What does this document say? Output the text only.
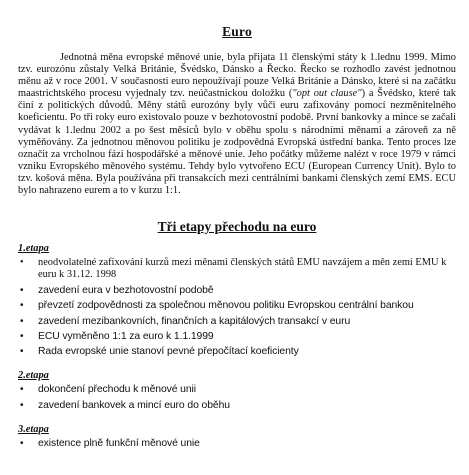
Euro

Jednotná měna evropské měnové unie, byla přijata 11 členskými státy k 1.lednu 1999. Mimo tzv. eurozónu zůstaly Velká Británie, Švédsko, Dánsko a Řecko. Řecko se rozhodlo zavést jednotnou měnu až v roce 2001. V současnosti euro nepoužívají pouze Velká Británie a Dánsko, které si na začátku maastrichtského procesu vyjednaly tzv. neúčastnickou doložku ("opt out clause") a Švédsko, které tak činí z politických důvodů. Měny států eurozóny byly vůči euru zafixovány pomocí nezměnitelného koeficientu. Po tři roky euro existovalo pouze v bezhotovostní podobě. První bankovky a mince se začali vydávat k 1.lednu 2002 a po šest měsíců bylo v oběhu spolu s národními měnami a zároveň za ně vyměňovány. Za jednotnou měnovou politiku je zodpovědná Evropská ústřední banka. Tento proces lze označit za vrcholnou fázi hospodářské a měnové unie. Jeho počátky můžeme nalézt v roce 1979 v rámci vzniku Evropského měnového systému. Tehdy bylo vytvořeno ECU (European Currency Unit). Bylo to tzv. košová měna. Byla používána při transakcích mezi centrálními bankami členských zemí EMS. ECU bylo nahrazeno eurem a to v kurzu 1:1.

Tři etapy přechodu na euro
1.etapa
• neodvolatelné zafixování kurzů mezi měnami členských států EMU navzájem a měn zemí EMU k euru k 31.12. 1998
• zavedení eura v bezhotovostní podobě
• převzetí zodpovědnosti za společnou měnovou politiku Evropskou centrální bankou
• zavedení mezibankovních, finančních a kapitálových transakcí v euru
• ECU vyměněno 1:1 za euro k 1.1.1999
• Rada evropské unie stanoví pevné přepočítací koeficienty
2.etapa
• dokončení přechodu k měnové unii
• zavedení bankovek a mincí euro do oběhu
3.etapa
• existence plně funkční měnové unie
